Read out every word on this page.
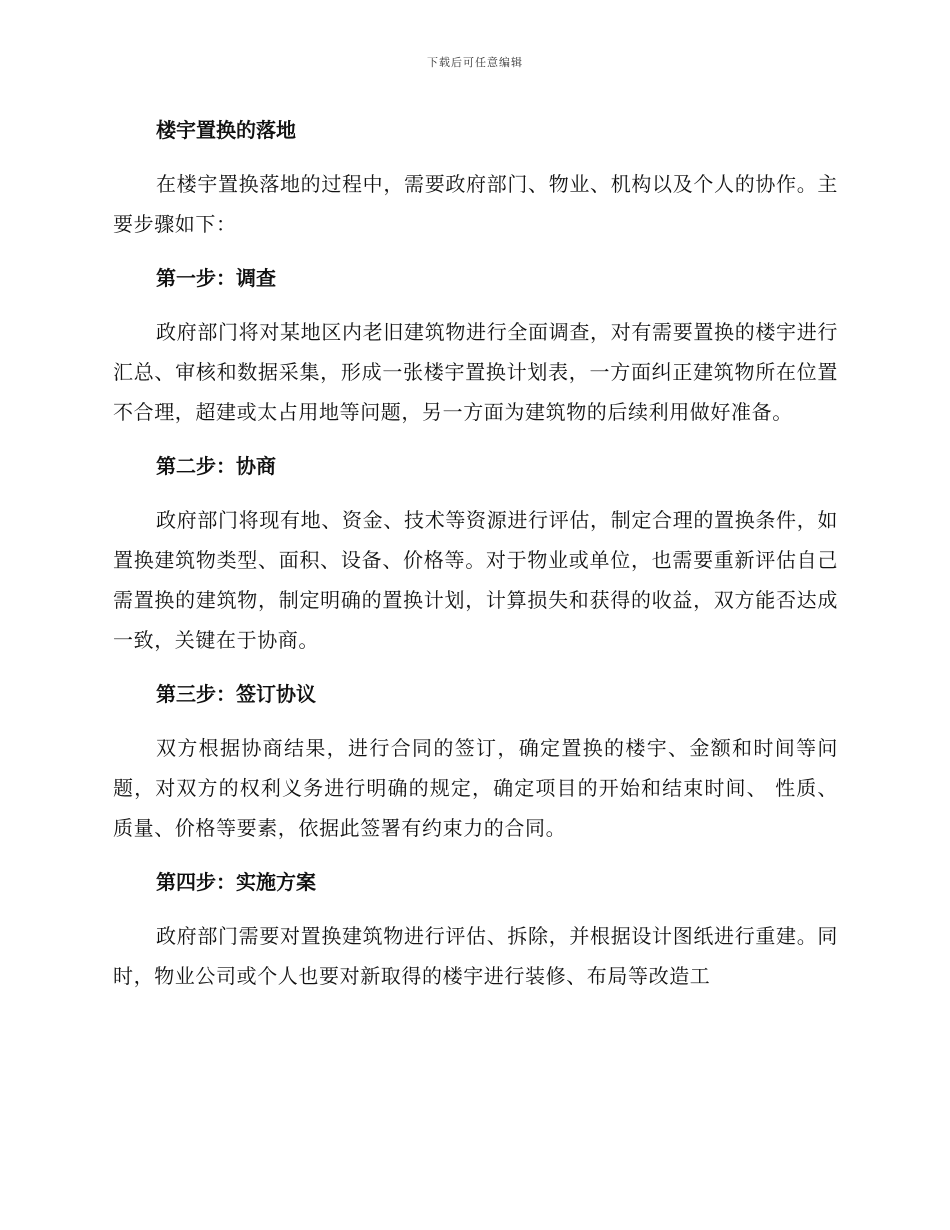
下载后可任意编辑
楼宇置换的落地
在楼宇置换落地的过程中，需要政府部门、物业、机构以及个人的协作。主要步骤如下：
第一步：调查
政府部门将对某地区内老旧建筑物进行全面调查，对有需要置换的楼宇进行汇总、审核和数据采集，形成一张楼宇置换计划表，一方面纠正建筑物所在位置不合理，超建或太占用地等问题，另一方面为建筑物的后续利用做好准备。
第二步：协商
政府部门将现有地、资金、技术等资源进行评估，制定合理的置换条件，如置换建筑物类型、面积、设备、价格等。对于物业或单位，也需要重新评估自己需置换的建筑物，制定明确的置换计划，计算损失和获得的收益，双方能否达成一致，关键在于协商。
第三步：签订协议
双方根据协商结果，进行合同的签订，确定置换的楼宇、金额和时间等问题，对双方的权利义务进行明确的规定，确定项目的开始和结束时间、 性质、质量、价格等要素，依据此签署有约束力的合同。
第四步：实施方案
政府部门需要对置换建筑物进行评估、拆除，并根据设计图纸进行重建。同时，物业公司或个人也要对新取得的楼宇进行装修、布局等改造工
